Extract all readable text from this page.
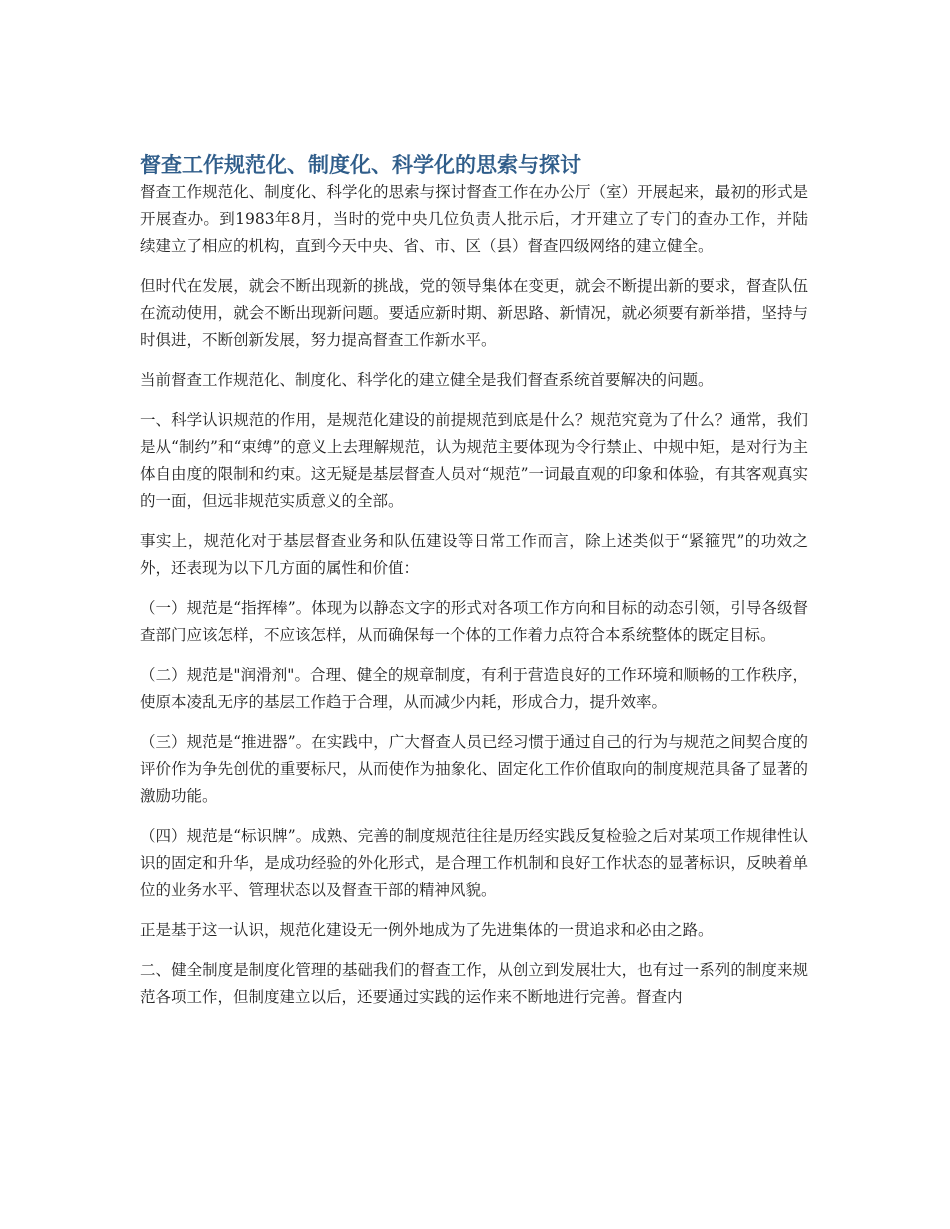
督查工作规范化、制度化、科学化的思索与探讨

督查工作规范化、制度化、科学化的思索与探讨督查工作在办公厅（室）开展起来，最初的形式是开展查办。到1983年8月，当时的党中央几位负责人批示后，才开建立了专门的查办工作，并陆续建立了相应的机构，直到今天中央、省、市、区（县）督查四级网络的建立健全。

但时代在发展，就会不断出现新的挑战，党的领导集体在变更，就会不断提出新的要求，督查队伍在流动使用，就会不断出现新问题。要适应新时期、新思路、新情况，就必须要有新举措，坚持与时俱进，不断创新发展，努力提高督查工作新水平。

当前督查工作规范化、制度化、科学化的建立健全是我们督查系统首要解决的问题。

一、科学认识规范的作用，是规范化建设的前提规范到底是什么？规范究竟为了什么？通常，我们是从“制约”和“束缚”的意义上去理解规范，认为规范主要体现为令行禁止、中规中矩，是对行为主体自由度的限制和约束。这无疑是基层督查人员对“规范”一词最直观的印象和体验，有其客观真实的一面，但远非规范实质意义的全部。

事实上，规范化对于基层督查业务和队伍建设等日常工作而言，除上述类似于“紧箍咒”的功效之外，还表现为以下几方面的属性和价值：

（一）规范是“指挥棒”。体现为以静态文字的形式对各项工作方向和目标的动态引领，引导各级督查部门应该怎样，不应该怎样，从而确保每一个体的工作着力点符合本系统整体的既定目标。

（二）规范是"润滑剂"。合理、健全的规章制度，有利于营造良好的工作环境和顺畅的工作秩序，使原本凌乱无序的基层工作趋于合理，从而减少内耗，形成合力，提升效率。

（三）规范是“推进器”。在实践中，广大督查人员已经习惯于通过自己的行为与规范之间契合度的评价作为争先创优的重要标尺，从而使作为抽象化、固定化工作价值取向的制度规范具备了显著的激励功能。

（四）规范是“标识牌”。成熟、完善的制度规范往往是历经实践反复检验之后对某项工作规律性认识的固定和升华，是成功经验的外化形式，是合理工作机制和良好工作状态的显著标识，反映着单位的业务水平、管理状态以及督查干部的精神风貌。

正是基于这一认识，规范化建设无一例外地成为了先进集体的一贯追求和必由之路。

二、健全制度是制度化管理的基础我们的督查工作，从创立到发展壮大，也有过一系列的制度来规范各项工作，但制度建立以后，还要通过实践的运作来不断地进行完善。督查内
